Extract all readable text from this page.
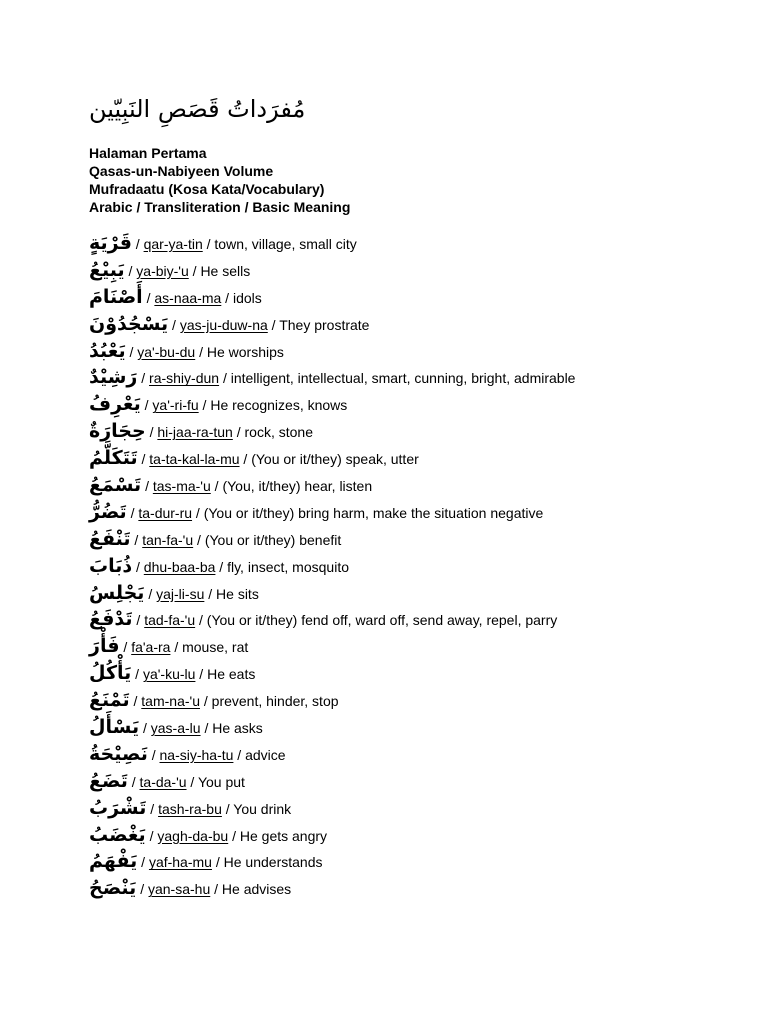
مُفرَداتُ قَصَصِ النَبِيّين

Halaman Pertama

Qasas-un-Nabiyeen Volume

Mufradaatu (Kosa Kata/Vocabulary)

Arabic / Transliteration / Basic Meaning

قَرْيَةٍ / qar-ya-tin / town, village, small city
يَبِيْعُ / ya-biy-'u / He sells
أَصْنَامَ / as-naa-ma / idols
يَسْجُدُوْنَ / yas-ju-duw-na / They prostrate
يَعْبُدُ / ya'-bu-du / He worships
رَشِيْدٌ / ra-shiy-dun / intelligent, intellectual, smart, cunning, bright, admirable
يَعْرِفُ / ya'-ri-fu / He recognizes, knows
حِجَارَةٌ / hi-jaa-ra-tun / rock, stone
تَتَكَلَّمُ / ta-ta-kal-la-mu / (You or it/they) speak, utter
تَسْمَعُ / tas-ma-'u / (You, it/they) hear, listen
تَضُرُّ / ta-dur-ru / (You or it/they) bring harm, make the situation negative
تَنْفَعُ / tan-fa-'u / (You or it/they) benefit
ذُبَابَ / dhu-baa-ba / fly, insect, mosquito
يَجْلِسُ / yaj-li-su / He sits
تَدْفَعُ / tad-fa-'u / (You or it/they) fend off, ward off, send away, repel, parry
فَأْرَ / fa'a-ra / mouse, rat
يَأْكُلُ / ya'-ku-lu / He eats
تَمْنَعُ / tam-na-'u / prevent, hinder, stop
يَسْأَلُ / yas-a-lu / He asks
نَصِيْحَةُ / na-siy-ha-tu / advice
تَضَعُ / ta-da-'u / You put
تَشْرَبُ / tash-ra-bu / You drink
يَغْضَبُ / yagh-da-bu / He gets angry
يَفْهَمُ / yaf-ha-mu / He understands
يَنْصَحُ / yan-sa-hu / He advises
